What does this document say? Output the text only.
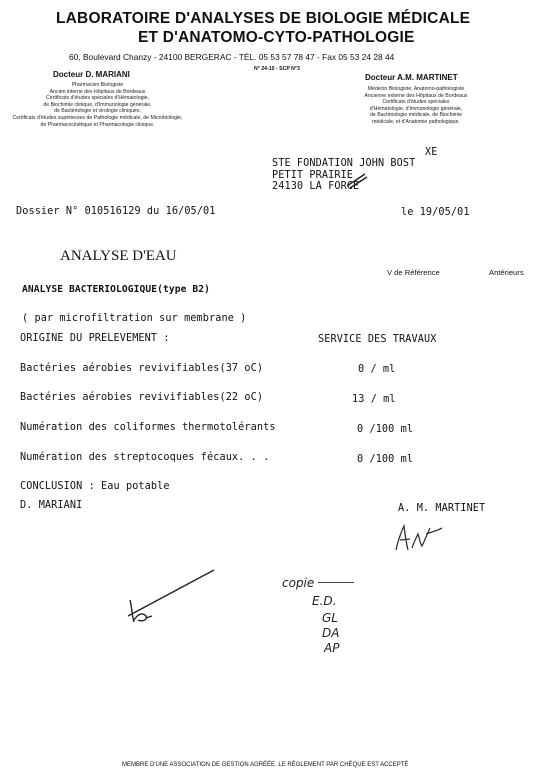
LABORATOIRE D'ANALYSES DE BIOLOGIE MÉDICALE
ET D'ANATOMO-CYTO-PATHOLOGIE
60, Boulevard Chanzy - 24100 BERGERAC - TÉL. 05 53 57 78 47 - Fax 05 53 24 28 44
N° 24-10 - SCP N°3
Docteur D. MARIANI
Pharmacien Biologiste
Ancien interne des Hôpitaux de Bordeaux
Certificats d'études spéciales d'Hématologie,
de Biochimie clinique, d'Immunologie générale,
de Bactériologie et virologie cliniques,
Certificats d'études supérieures de Pathologie médicale, de Microbiologie,
de Pharmacocinétique et Pharmacologie clinique.
Docteur A.M. MARTINET
Médecin Biologiste, Anatomo-pathologiste
Ancienne externe des Hôpitaux de Bordeaux
Certificats d'études spéciales
d'Hématologie, d'Immunologie générale,
de Bactériologie médicale, de Biochimie
médicale, et d'Anatomie pathologique.
XE
STE FONDATION JOHN BOST
PETIT PRAIRIE
24130 LA FORCE
Dossier N° 010516129 du 16/05/01	le 19/05/01
ANALYSE D'EAU
V de Référence	Antérieurs
ANALYSE BACTERIOLOGIQUE(type B2)
( par microfiltration sur membrane )
ORIGINE DU PRELEVEMENT :	SERVICE DES TRAVAUX
Bactéries aérobies revivifiables(37 oC)	0 / ml
Bactéries aérobies revivifiables(22 oC)	13 / ml
Numération des coliformes thermotolérants	0 /100 ml
Numération des streptocoques fécaux. . .	0 /100 ml
CONCLUSION : Eau potable
D. MARIANI	A. M. MARTINET
copie
E.D.
GL
DA
AP
MEMBRE D'UNE ASSOCIATION DE GESTION AGRÉÉE. LE RÈGLEMENT PAR CHÈQUE EST ACCEPTÉ
